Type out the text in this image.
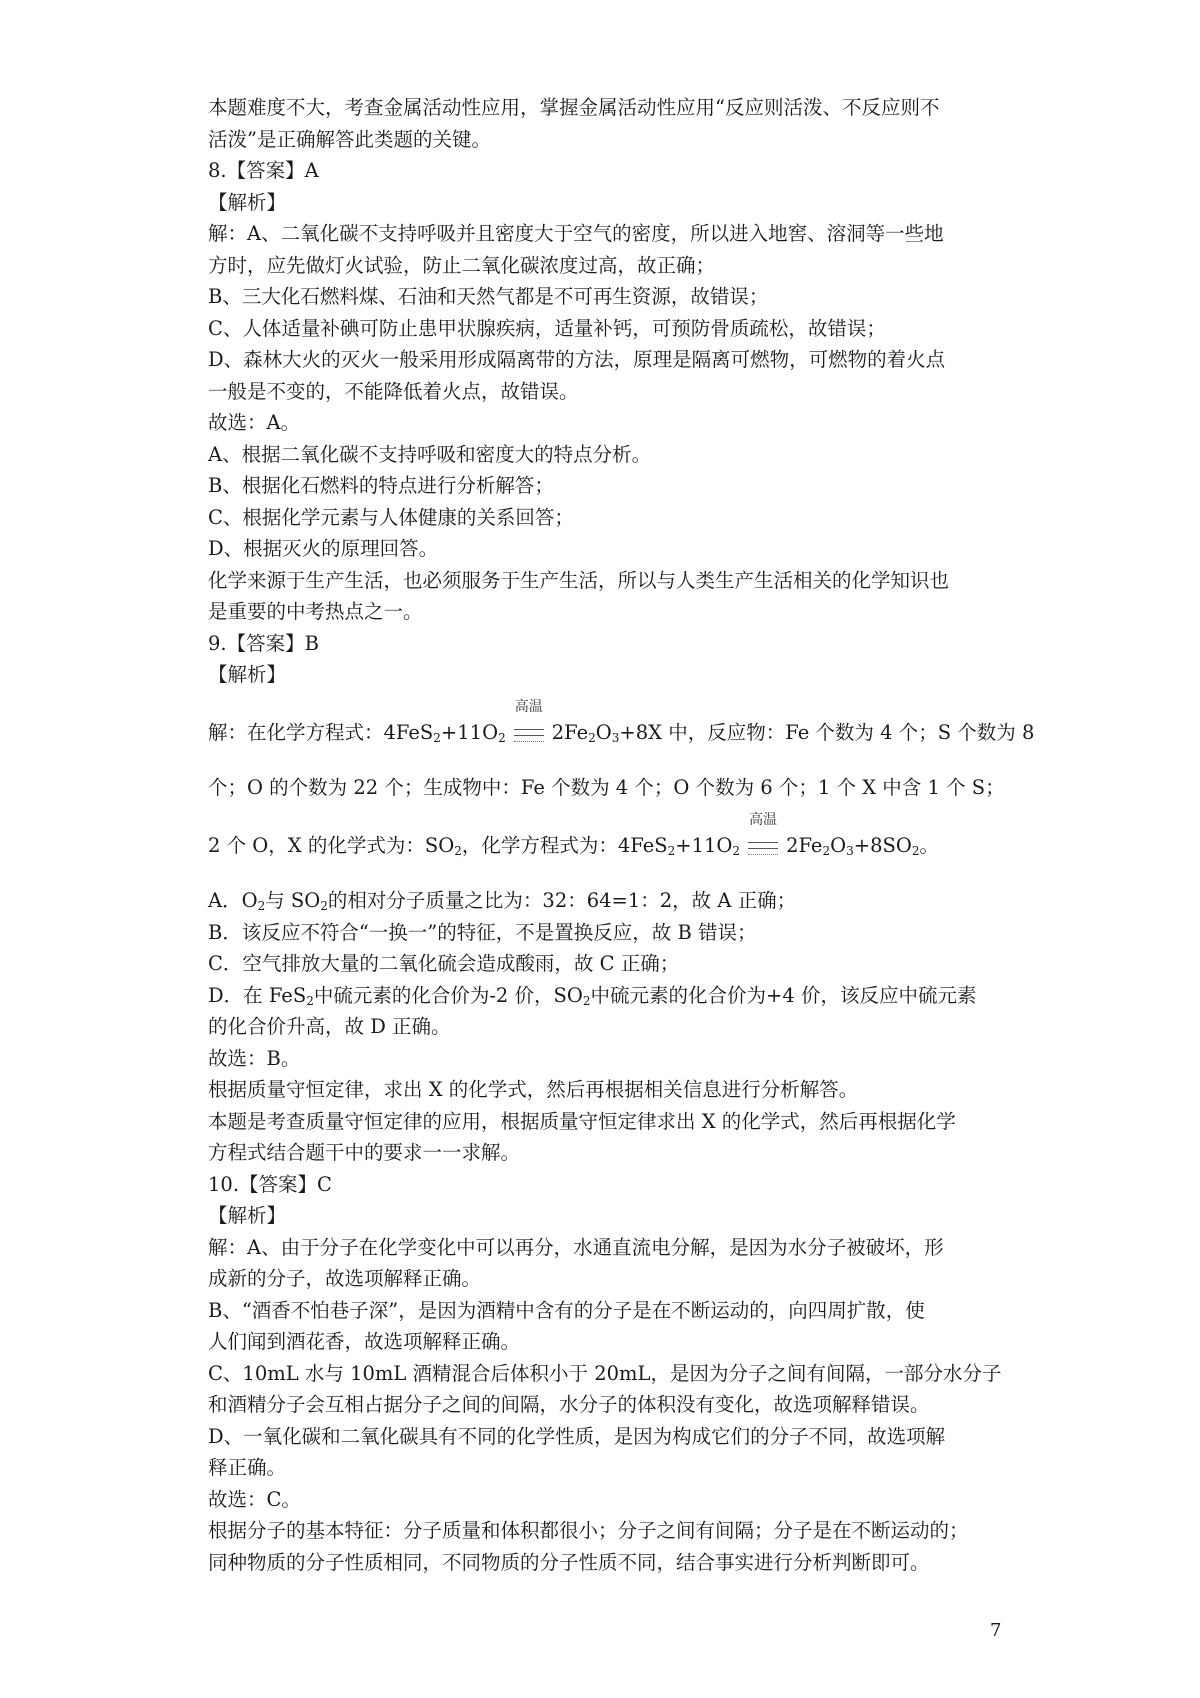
本题难度不大，考查金属活动性应用，掌握金属活动性应用“反应则活泼、不反应则不
活泼”是正确解答此类题的关键。
8.【答案】A
【解析】
解：A、二氧化碳不支持呼吸并且密度大于空气的密度，所以进入地窖、溶洞等一些地
方时，应先做灯火试验，防止二氧化碳浓度过高，故正确；
B、三大化石燃料煤、石油和天然气都是不可再生资源，故错误；
C、人体适量补碘可防止患甲状腺疾病，适量补钙，可预防骨质疏松，故错误；
D、森林大火的灭火一般采用形成隔离带的方法，原理是隔离可燃物，可燃物的着火点
一般是不变的，不能降低着火点，故错误。
故选：A。
A、根据二氧化碳不支持呼吸和密度大的特点分析。
B、根据化石燃料的特点进行分析解答；
C、根据化学元素与人体健康的关系回答；
D、根据灭火的原理回答。
化学来源于生产生活，也必须服务于生产生活，所以与人类生产生活相关的化学知识也
是重要的中考热点之一。
9.【答案】B
【解析】
解：在化学方程式：$4FeS_2+11O_2$
高温
$2Fe_2O_3+8X$ 中，反应物：Fe 个数为 4 个；S 个数为 8
个；O 的个数为 22 个；生成物中：Fe 个数为 4 个；O 个数为 6 个；1 个 X 中含 1 个 S；
2 个 O，X 的化学式为：$SO_2$，化学方程式为：$4FeS_2+11O_2$
高温
$2Fe_2O_3+8SO_2$。
A．$O_2$与 $SO_2$的相对分子质量之比为：32：64=1：2，故 A 正确；
B．该反应不符合“一换一”的特征，不是置换反应，故 B 错误；
C．空气排放大量的二氧化硫会造成酸雨，故 C 正确；
D．在 FeS$_2$中硫元素的化合价为-2 价，$SO_2$中硫元素的化合价为+4 价，该反应中硫元素
的化合价升高，故 D 正确。
故选：B。
根据质量守恒定律，求出 X 的化学式，然后再根据相关信息进行分析解答。
本题是考查质量守恒定律的应用，根据质量守恒定律求出 X 的化学式，然后再根据化学
方程式结合题干中的要求一一求解。
10.【答案】C
【解析】
解：A、由于分子在化学变化中可以再分，水通直流电分解，是因为水分子被破坏，形
成新的分子，故选项解释正确。
B、“酒香不怕巷子深”，是因为酒精中含有的分子是在不断运动的，向四周扩散，使
人们闻到酒花香，故选项解释正确。
C、10mL 水与 10mL 酒精混合后体积小于 20mL，是因为分子之间有间隔，一部分水分子
和酒精分子会互相占据分子之间的间隔，水分子的体积没有变化，故选项解释错误。
D、一氧化碳和二氧化碳具有不同的化学性质，是因为构成它们的分子不同，故选项解
释正确。
故选：C。
根据分子的基本特征：分子质量和体积都很小；分子之间有间隔；分子是在不断运动的；
同种物质的分子性质相同，不同物质的分子性质不同，结合事实进行分析判断即可。
7
